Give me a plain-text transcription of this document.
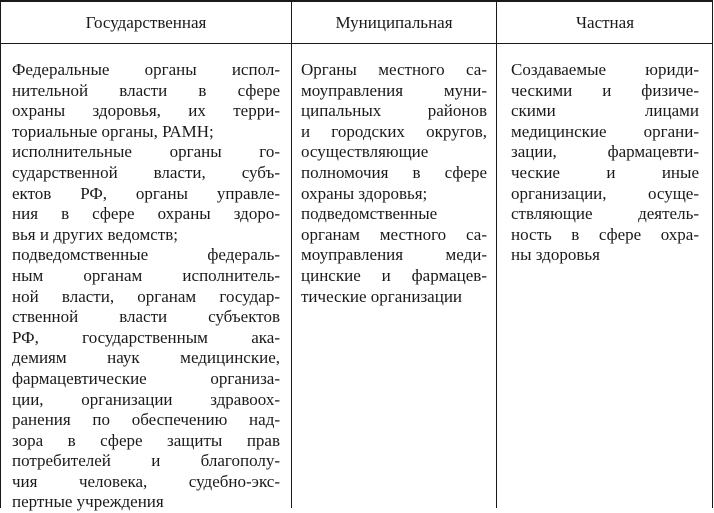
Государственная	Муниципальная	Частная
Федеральные органы испол-
нительной власти в сфере
охраны здоровья, их терри-
ториальные органы, РАМН;
исполнительные органы го-
сударственной власти, субъ-
ектов РФ, органы управле-
ния в сфере охраны здоро-
вья и других ведомств;
подведомственные федераль-
ным органам исполнитель-
ной власти, органам государ-
ственной власти субъектов
РФ, государственным ака-
демиям наук медицинские,
фармацевтические организа-
ции, организации здравоох-
ранения по обеспечению над-
зора в сфере защиты прав
потребителей и благополу-
чия человека, судебно-экс-
пертные учреждения
Органы местного са-
моуправления муни-
ципальных районов
и городских округов,
осуществляющие
полномочия в сфере
охраны здоровья;
подведомственные
органам местного са-
моуправления меди-
цинские и фармацев-
тические организации
Создаваемые юриди-
ческими и физиче-
скими лицами
медицинские органи-
зации, фармацевти-
ческие и иные
организации, осуще-
ствляющие деятель-
ность в сфере охра-
ны здоровья
